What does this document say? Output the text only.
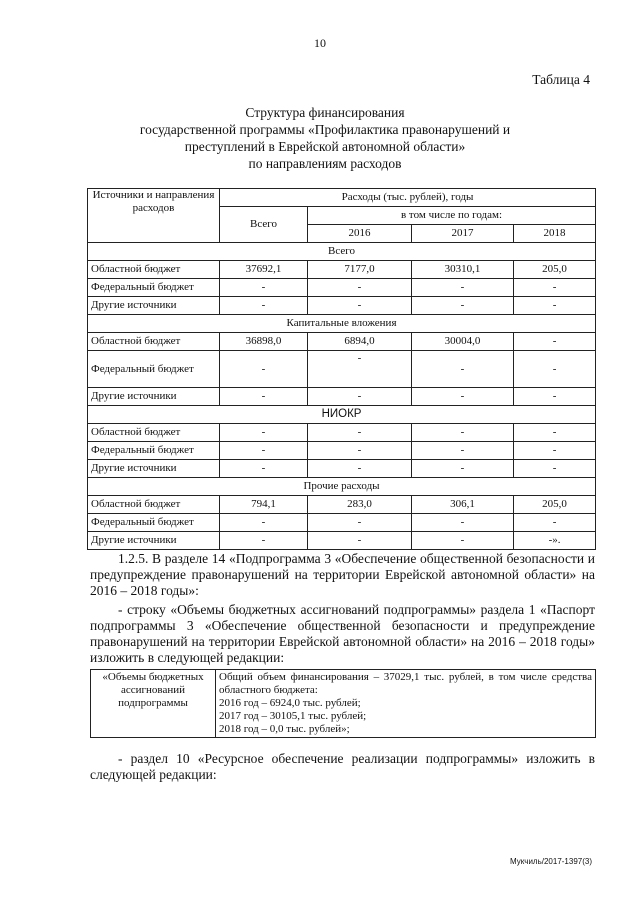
10
Таблица 4
Структура финансирования
государственной программы «Профилактика правонарушений и
преступлений в Еврейской автономной области»
по направлениям расходов
Источники и направления расходов	Расходы (тыс. рублей), годы			
	Всего	в том числе по годам:		
		2016	2017	2018
Всего				
Областной бюджет	37692,1	7177,0	30310,1	205,0
Федеральный бюджет	-	-	-	-
Другие источники	-	-	-	-
Капитальные вложения				
Областной бюджет	36898,0	6894,0	30004,0	-
Федеральный бюджет	-	-	-	-
Другие источники	-	-	-	-
НИОКР				
Областной бюджет	-	-	-	-
Федеральный бюджет	-	-	-	-
Другие источники	-	-	-	-
Прочие расходы				
Областной бюджет	794,1	283,0	306,1	205,0
Федеральный бюджет	-	-	-	-
Другие источники	-	-	-	-».
1.2.5. В разделе 14 «Подпрограмма 3 «Обеспечение общественной безопасности и предупреждение правонарушений на территории Еврейской автономной области» на 2016 – 2018 годы»:
- строку «Объемы бюджетных ассигнований подпрограммы» раздела 1 «Паспорт подпрограммы 3 «Обеспечение общественной безопасности и предупреждение правонарушений на территории Еврейской автономной области» на 2016 – 2018 годы» изложить в следующей редакции:
«Объемы бюджетных ассигнований подпрограммы	
Общий объем финансирования – 37029,1 тыс. рублей, в том числе средства областного бюджета:
2016 год – 6924,0 тыс. рублей;
2017 год – 30105,1 тыс. рублей;
2018 год – 0,0 тыс. рублей»;
- раздел 10 «Ресурсное обеспечение реализации подпрограммы» изложить в следующей редакции:
Мукчиль/2017-1397(3)
